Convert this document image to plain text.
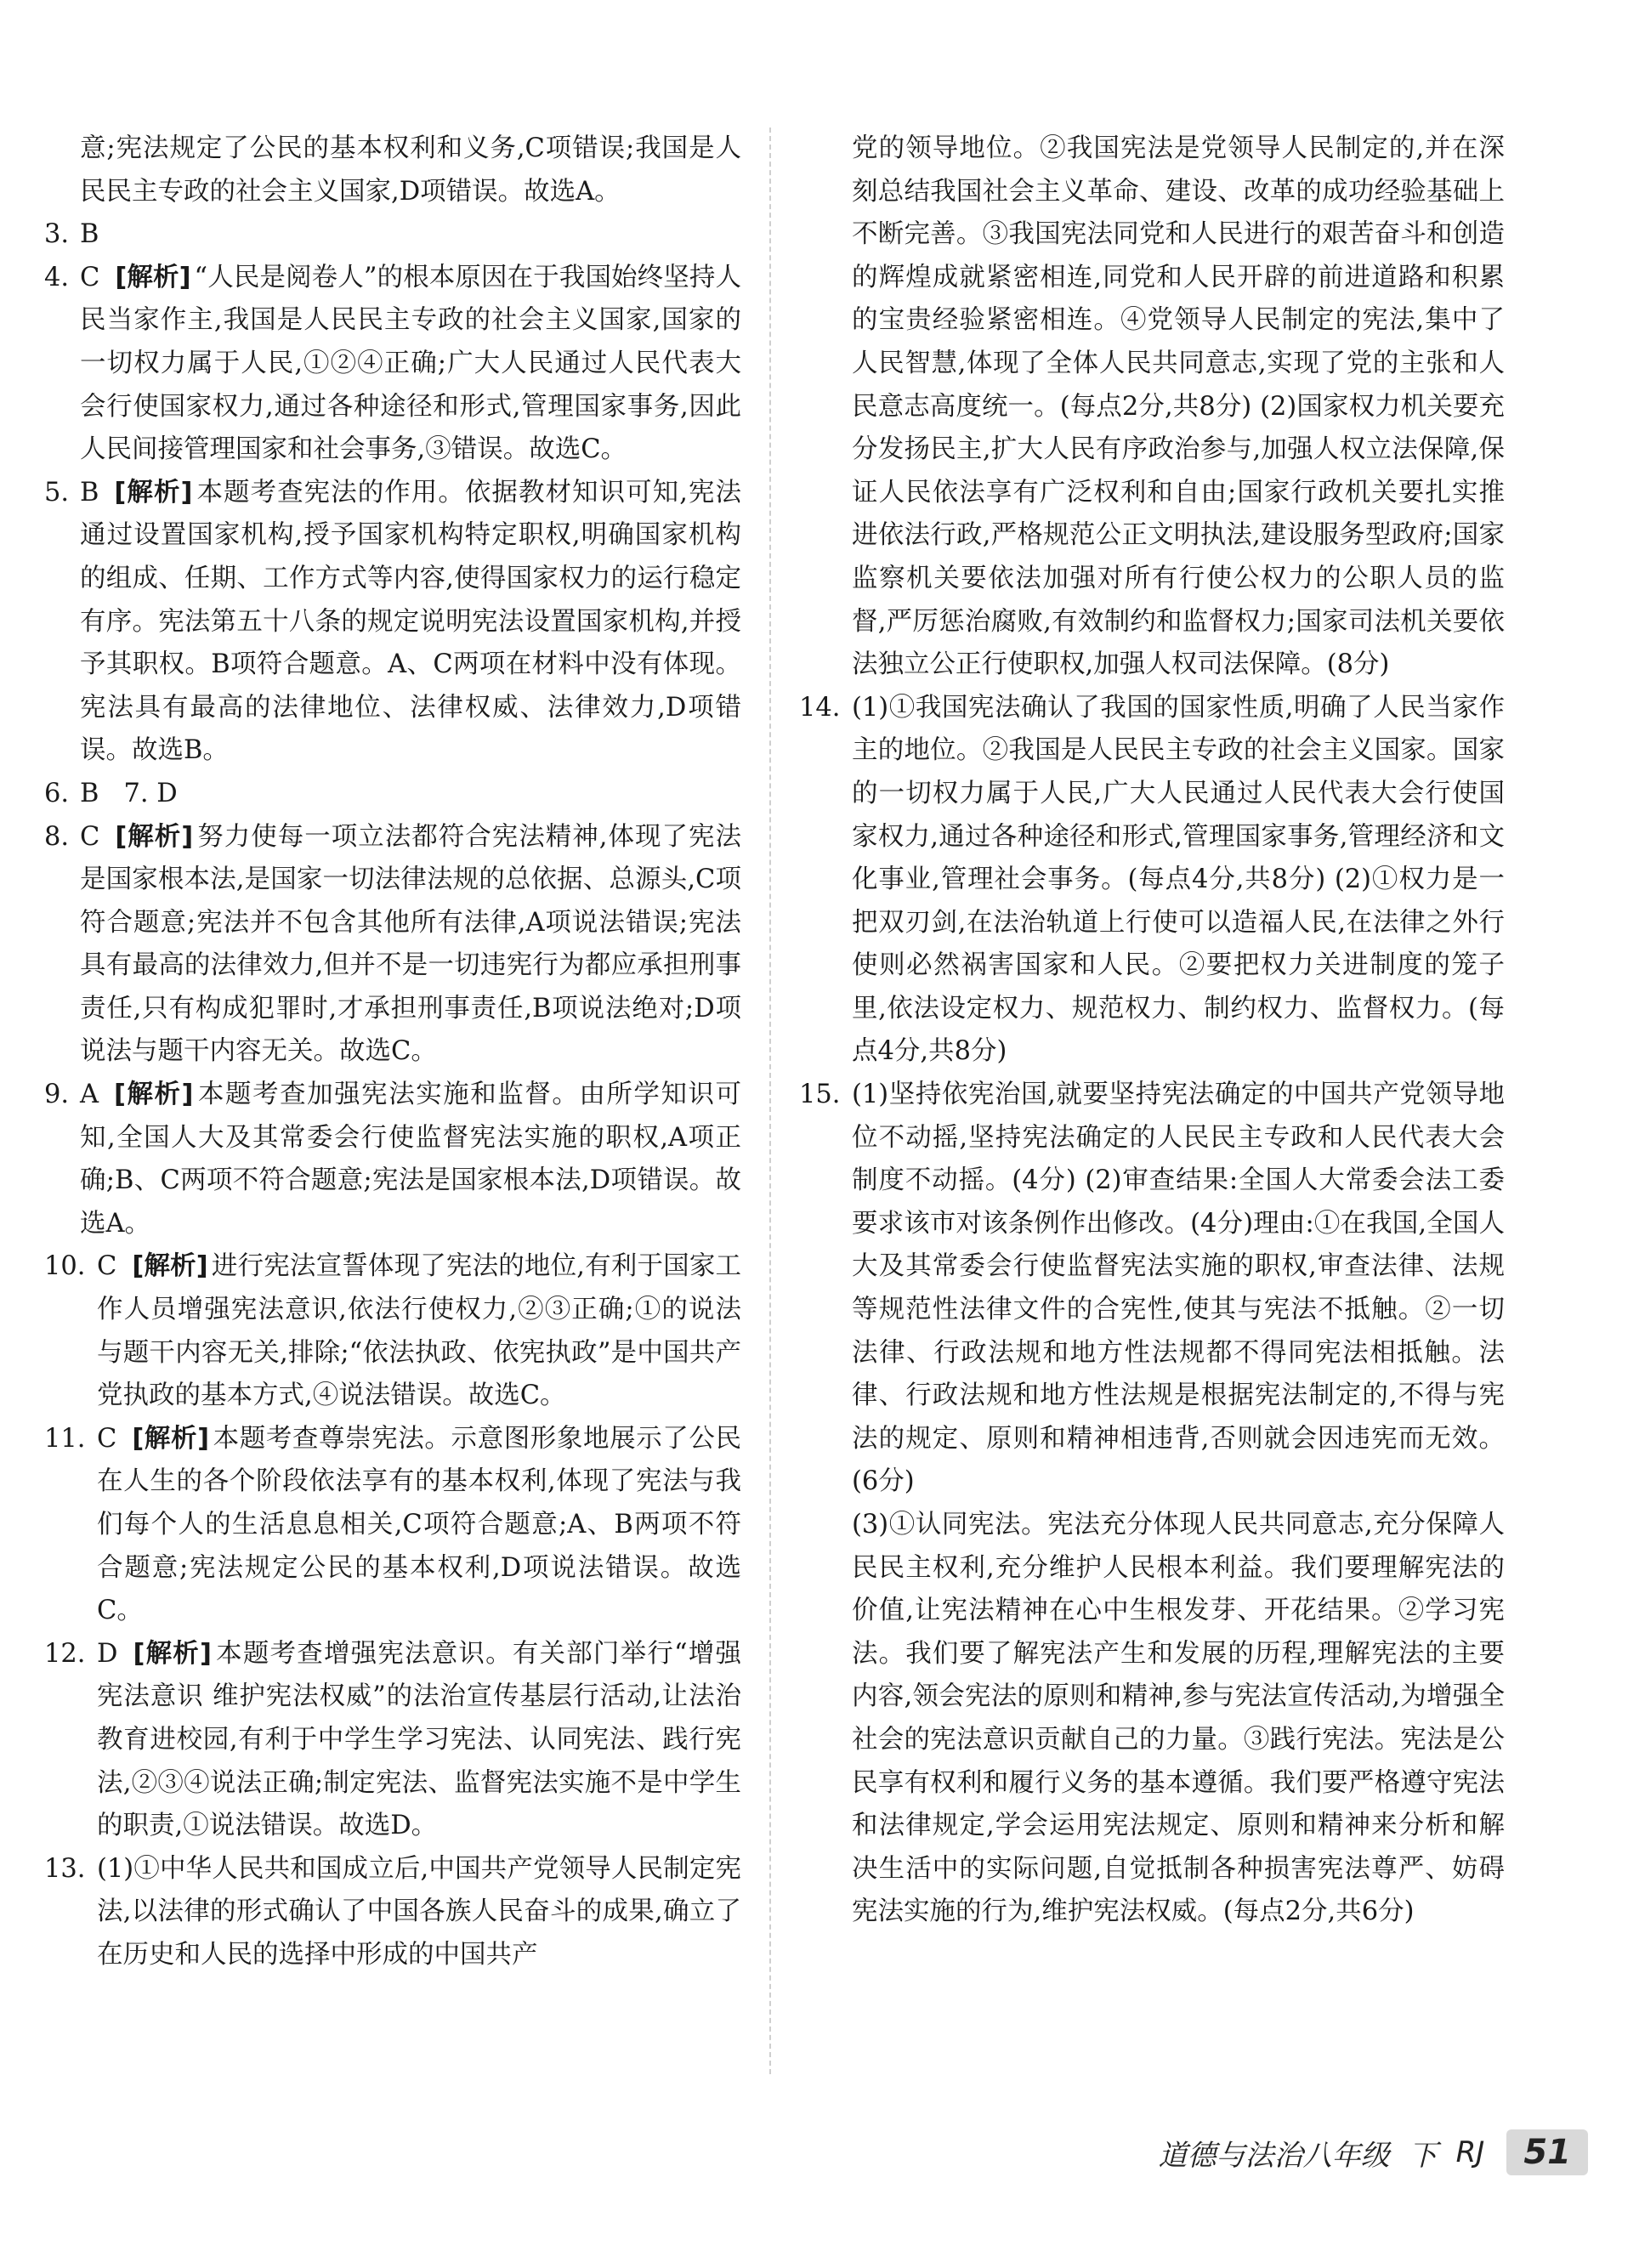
意;宪法规定了公民的基本权利和义务,C项错误;我国是人民民主专政的社会主义国家,D项错误。故选A。
3. B
4. C [解析] “人民是阅卷人”的根本原因在于我国始终坚持人民当家作主,我国是人民民主专政的社会主义国家,国家的一切权力属于人民,①②④正确;广大人民通过人民代表大会行使国家权力,通过各种途径和形式,管理国家事务,因此人民间接管理国家和社会事务,③错误。故选C。
5. B [解析] 本题考查宪法的作用。依据教材知识可知,宪法通过设置国家机构,授予国家机构特定职权,明确国家机构的组成、任期、工作方式等内容,使得国家权力的运行稳定有序。宪法第五十八条的规定说明宪法设置国家机构,并授予其职权。B项符合题意。A、C两项在材料中没有体现。宪法具有最高的法律地位、法律权威、法律效力,D项错误。故选B。
6. B   7. D
8. C [解析] 努力使每一项立法都符合宪法精神,体现了宪法是国家根本法,是国家一切法律法规的总依据、总源头,C项符合题意;宪法并不包含其他所有法律,A项说法错误;宪法具有最高的法律效力,但并不是一切违宪行为都应承担刑事责任,只有构成犯罪时,才承担刑事责任,B项说法绝对;D项说法与题干内容无关。故选C。
9. A [解析] 本题考查加强宪法实施和监督。由所学知识可知,全国人大及其常委会行使监督宪法实施的职权,A项正确;B、C两项不符合题意;宪法是国家根本法,D项错误。故选A。
10. C [解析] 进行宪法宣誓体现了宪法的地位,有利于国家工作人员增强宪法意识,依法行使权力,②③正确;①的说法与题干内容无关,排除;“依法执政、依宪执政”是中国共产党执政的基本方式,④说法错误。故选C。
11. C [解析] 本题考查尊崇宪法。示意图形象地展示了公民在人生的各个阶段依法享有的基本权利,体现了宪法与我们每个人的生活息息相关,C项符合题意;A、B两项不符合题意;宪法规定公民的基本权利,D项说法错误。故选C。
12. D [解析] 本题考查增强宪法意识。有关部门举行“增强宪法意识 维护宪法权威”的法治宣传基层行活动,让法治教育进校园,有利于中学生学习宪法、认同宪法、践行宪法,②③④说法正确;制定宪法、监督宪法实施不是中学生的职责,①说法错误。故选D。
13. (1)①中华人民共和国成立后,中国共产党领导人民制定宪法,以法律的形式确认了中国各族人民奋斗的成果,确立了在历史和人民的选择中形成的中国共产
党的领导地位。②我国宪法是党领导人民制定的,并在深刻总结我国社会主义革命、建设、改革的成功经验基础上不断完善。③我国宪法同党和人民进行的艰苦奋斗和创造的辉煌成就紧密相连,同党和人民开辟的前进道路和积累的宝贵经验紧密相连。④党领导人民制定的宪法,集中了人民智慧,体现了全体人民共同意志,实现了党的主张和人民意志高度统一。(每点2分,共8分) (2)国家权力机关要充分发扬民主,扩大人民有序政治参与,加强人权立法保障,保证人民依法享有广泛权利和自由;国家行政机关要扎实推进依法行政,严格规范公正文明执法,建设服务型政府;国家监察机关要依法加强对所有行使公权力的公职人员的监督,严厉惩治腐败,有效制约和监督权力;国家司法机关要依法独立公正行使职权,加强人权司法保障。(8分)
14. (1)①我国宪法确认了我国的国家性质,明确了人民当家作主的地位。②我国是人民民主专政的社会主义国家。国家的一切权力属于人民,广大人民通过人民代表大会行使国家权力,通过各种途径和形式,管理国家事务,管理经济和文化事业,管理社会事务。(每点4分,共8分) (2)①权力是一把双刃剑,在法治轨道上行使可以造福人民,在法律之外行使则必然祸害国家和人民。②要把权力关进制度的笼子里,依法设定权力、规范权力、制约权力、监督权力。(每点4分,共8分)
15. (1)坚持依宪治国,就要坚持宪法确定的中国共产党领导地位不动摇,坚持宪法确定的人民民主专政和人民代表大会制度不动摇。(4分) (2)审查结果:全国人大常委会法工委要求该市对该条例作出修改。(4分)理由:①在我国,全国人大及其常委会行使监督宪法实施的职权,审查法律、法规等规范性法律文件的合宪性,使其与宪法不抵触。②一切法律、行政法规和地方性法规都不得同宪法相抵触。法律、行政法规和地方性法规是根据宪法制定的,不得与宪法的规定、原则和精神相违背,否则就会因违宪而无效。(6分)
(3)①认同宪法。宪法充分体现人民共同意志,充分保障人民民主权利,充分维护人民根本利益。我们要理解宪法的价值,让宪法精神在心中生根发芽、开花结果。②学习宪法。我们要了解宪法产生和发展的历程,理解宪法的主要内容,领会宪法的原则和精神,参与宪法宣传活动,为增强全社会的宪法意识贡献自己的力量。③践行宪法。宪法是公民享有权利和履行义务的基本遵循。我们要严格遵守宪法和法律规定,学会运用宪法规定、原则和精神来分析和解决生活中的实际问题,自觉抵制各种损害宪法尊严、妨碍宪法实施的行为,维护宪法权威。(每点2分,共6分)
道德与法治八年级 下 RJ	51
